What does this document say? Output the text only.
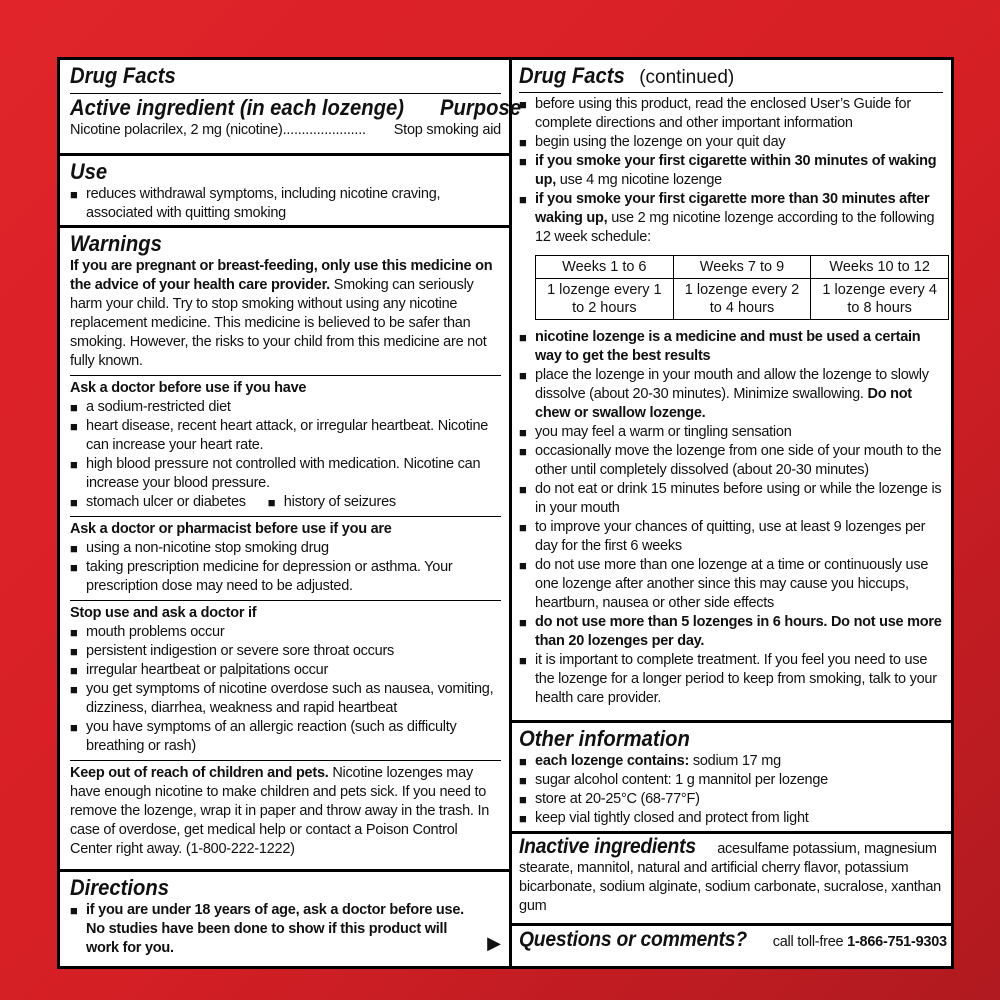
Drug Facts
Active ingredient (in each lozenge) Purpose
Nicotine polacrilex, 2 mg (nicotine) ......................	Stop smoking aid
Use
■ reduces withdrawal symptoms, including nicotine craving, associated with quitting smoking
Warnings
If you are pregnant or breast-feeding, only use this medicine on the advice of your health care provider. Smoking can seriously harm your child. Try to stop smoking without using any nicotine replacement medicine. This medicine is believed to be safer than smoking. However, the risks to your child from this medicine are not fully known.
Ask a doctor before use if you have
■ a sodium-restricted diet
■ heart disease, recent heart attack, or irregular heartbeat. Nicotine can increase your heart rate.
■ high blood pressure not controlled with medication. Nicotine can increase your blood pressure.
■ stomach ulcer or diabetes	■ history of seizures
Ask a doctor or pharmacist before use if you are
■ using a non-nicotine stop smoking drug
■ taking prescription medicine for depression or asthma. Your prescription dose may need to be adjusted.
Stop use and ask a doctor if
■ mouth problems occur
■ persistent indigestion or severe sore throat occurs
■ irregular heartbeat or palpitations occur
■ you get symptoms of nicotine overdose such as nausea, vomiting, dizziness, diarrhea, weakness and rapid heartbeat
■ you have symptoms of an allergic reaction (such as difficulty breathing or rash)
Keep out of reach of children and pets. Nicotine lozenges may have enough nicotine to make children and pets sick. If you need to remove the lozenge, wrap it in paper and throw away in the trash. In case of overdose, get medical help or contact a Poison Control Center right away. (1-800-222-1222)
Directions
■ if you are under 18 years of age, ask a doctor before use. No studies have been done to show if this product will work for you.	▶
Drug Facts (continued)
■ before using this product, read the enclosed User’s Guide for complete directions and other important information
■ begin using the lozenge on your quit day
■ if you smoke your first cigarette within 30 minutes of waking up, use 4 mg nicotine lozenge
■ if you smoke your first cigarette more than 30 minutes after waking up, use 2 mg nicotine lozenge according to the following 12 week schedule:
Weeks 1 to 6	Weeks 7 to 9	Weeks 10 to 12
1 lozenge every 1 to 2 hours	1 lozenge every 2 to 4 hours	1 lozenge every 4 to 8 hours
■ nicotine lozenge is a medicine and must be used a certain way to get the best results
■ place the lozenge in your mouth and allow the lozenge to slowly dissolve (about 20-30 minutes). Minimize swallowing. Do not chew or swallow lozenge.
■ you may feel a warm or tingling sensation
■ occasionally move the lozenge from one side of your mouth to the other until completely dissolved (about 20-30 minutes)
■ do not eat or drink 15 minutes before using or while the lozenge is in your mouth
■ to improve your chances of quitting, use at least 9 lozenges per day for the first 6 weeks
■ do not use more than one lozenge at a time or continuously use one lozenge after another since this may cause you hiccups, heartburn, nausea or other side effects
■ do not use more than 5 lozenges in 6 hours. Do not use more than 20 lozenges per day.
■ it is important to complete treatment. If you feel you need to use the lozenge for a longer period to keep from smoking, talk to your health care provider.
Other information
■ each lozenge contains: sodium 17 mg
■ sugar alcohol content: 1 g mannitol per lozenge
■ store at 20-25°C (68-77°F)
■ keep vial tightly closed and protect from light
Inactive ingredients acesulfame potassium, magnesium stearate, mannitol, natural and artificial cherry flavor, potassium bicarbonate, sodium alginate, sodium carbonate, sucralose, xanthan gum
Questions or comments? call toll-free 1-866-751-9303
